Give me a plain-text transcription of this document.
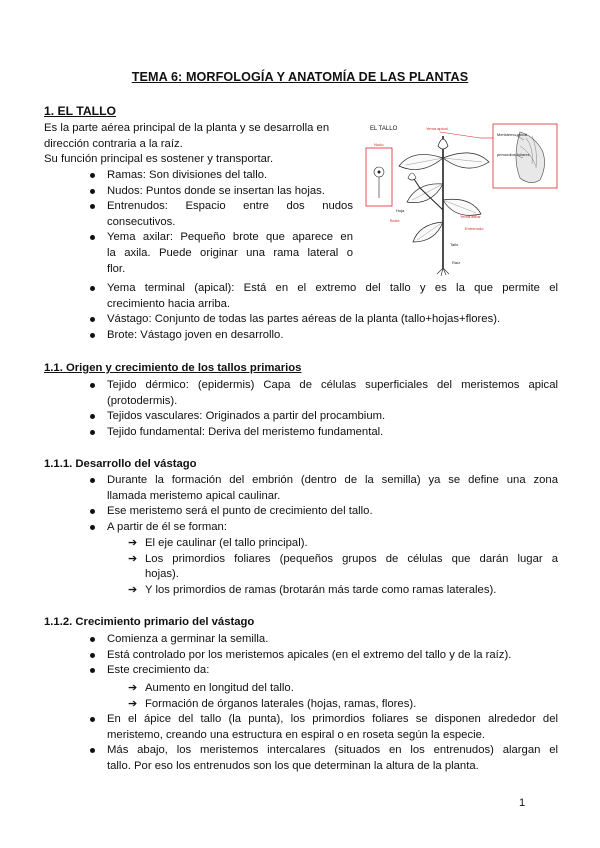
TEMA 6: MORFOLOGÍA Y ANATOMÍA DE LAS PLANTAS
1. EL TALLO

Es la parte aérea principal de la planta y se desarrolla en

dirección contraria a la raíz.

Su función principal es sostener y transportar.

Ramas: Son divisiones del tallo.

Nudos: Puntos donde se insertan las hojas.

Entrenudos: Espacio entre dos nudos

consecutivos.

Yema axilar: Pequeño brote que aparece en

la axila. Puede originar una rama lateral o

flor.

Yema terminal (apical): Está en el extremo del tallo y es la que permite el

crecimiento hacia arriba.

Vástago: Conjunto de todas las partes aéreas de la planta (tallo+hojas+flores).

Brote: Vástago joven en desarrollo.

EL TALLO
Meristemo apical
primordios foliares
Yema apical
Yema axilar
Entrenudo
Brote
Nudo
Hoja
Tallo
Raíz
1.1. Origen y crecimiento de los tallos primarios

Tejido dérmico: (epidermis) Capa de células superficiales del meristemos apical

(protodermis).

Tejidos vasculares: Originados a partir del procambium.

Tejido fundamental: Deriva del meristemo fundamental.

1.1.1. Desarrollo del vástago

Durante la formación del embrión (dentro de la semilla) ya se define una zona

llamada meristemo apical caulinar.

Ese meristemo será el punto de crecimiento del tallo.

A partir de él se forman:

➔ El eje caulinar (el tallo principal).

➔ Los primordios foliares (pequeños grupos de células que darán lugar a

hojas).

➔ Y los primordios de ramas (brotarán más tarde como ramas laterales).

1.1.2. Crecimiento primario del vástago

Comienza a germinar la semilla.

Está controlado por los meristemos apicales (en el extremo del tallo y de la raíz).

Este crecimiento da:

➔ Aumento en longitud del tallo.

➔ Formación de órganos laterales (hojas, ramas, flores).

En el ápice del tallo (la punta), los primordios foliares se disponen alrededor del

meristemo, creando una estructura en espiral o en roseta según la especie.

Más abajo, los meristemos intercalares (situados en los entrenudos) alargan el

tallo. Por eso los entrenudos son los que determinan la altura de la planta.

1
